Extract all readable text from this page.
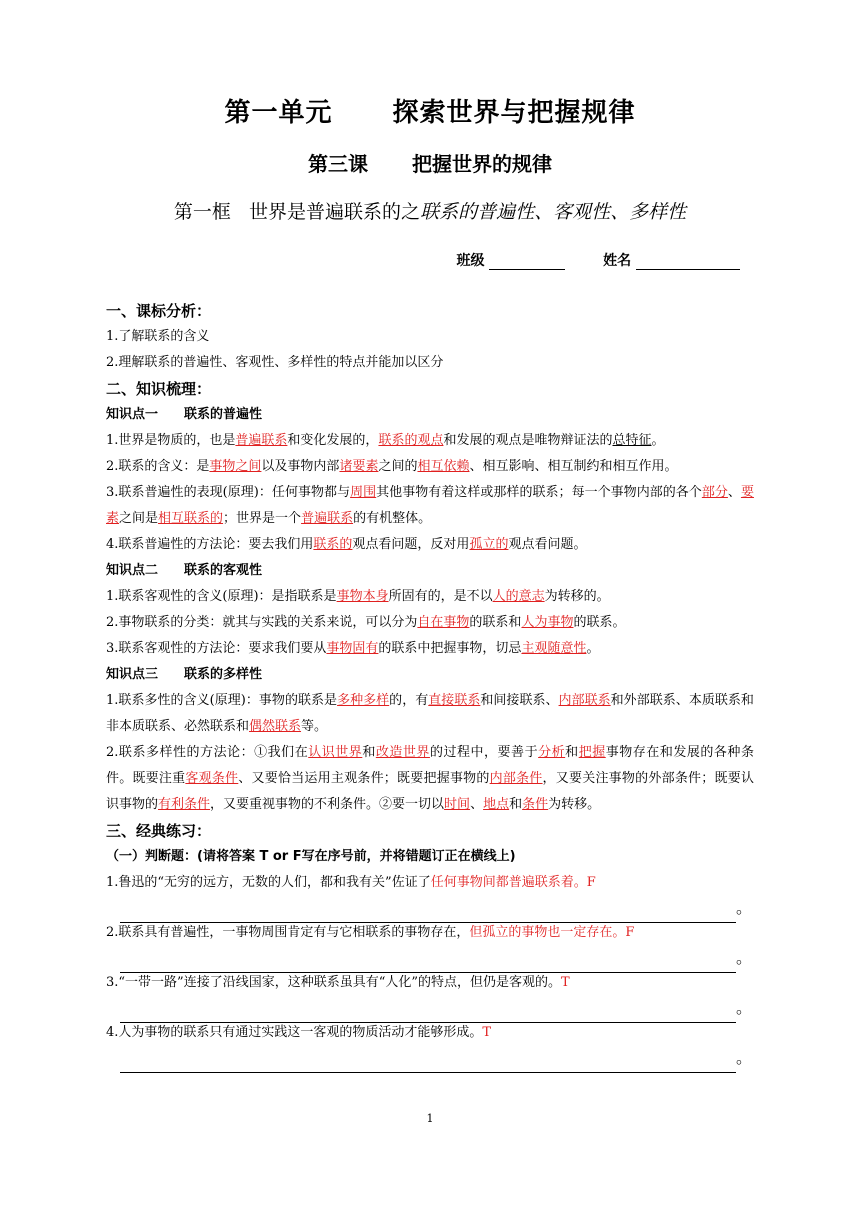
第一单元 探索世界与把握规律
第三课 把握世界的规律
第一框 世界是普遍联系的之联系的普遍性、客观性、多样性
班级	姓名
一、课标分析：
1.了解联系的含义
2.理解联系的普遍性、客观性、多样性的特点并能加以区分
二、知识梳理：
知识点一 联系的普遍性
1.世界是物质的，也是普遍联系和变化发展的，联系的观点和发展的观点是唯物辩证法的总特征。
2.联系的含义：是事物之间以及事物内部诸要素之间的相互依赖、相互影响、相互制约和相互作用。
3.联系普遍性的表现(原理)：任何事物都与周围其他事物有着这样或那样的联系；每一个事物内部的各个部分、要素之间是相互联系的；世界是一个普遍联系的有机整体。
4.联系普遍性的方法论：要去我们用联系的观点看问题，反对用孤立的观点看问题。
知识点二 联系的客观性
1.联系客观性的含义(原理)：是指联系是事物本身所固有的，是不以人的意志为转移的。
2.事物联系的分类：就其与实践的关系来说，可以分为自在事物的联系和人为事物的联系。
3.联系客观性的方法论：要求我们要从事物固有的联系中把握事物，切忌主观随意性。
知识点三 联系的多样性
1.联系多性的含义(原理)：事物的联系是多种多样的，有直接联系和间接联系、内部联系和外部联系、本质联系和非本质联系、必然联系和偶然联系等。
2.联系多样性的方法论：①我们在认识世界和改造世界的过程中，要善于分析和把握事物存在和发展的各种条件。既要注重客观条件、又要恰当运用主观条件；既要把握事物的内部条件，又要关注事物的外部条件；既要认识事物的有利条件，又要重视事物的不利条件。②要一切以时间、地点和条件为转移。
三、经典练习：
（一）判断题：(请将答案 T or F写在序号前，并将错题订正在横线上)
1.鲁迅的“无穷的远方，无数的人们，都和我有关”佐证了任何事物间都普遍联系着。F
。
2.联系具有普遍性，一事物周围肯定有与它相联系的事物存在，但孤立的事物也一定存在。F
。
3.“一带一路”连接了沿线国家，这种联系虽具有“人化”的特点，但仍是客观的。T
。
4.人为事物的联系只有通过实践这一客观的物质活动才能够形成。T
。
1
